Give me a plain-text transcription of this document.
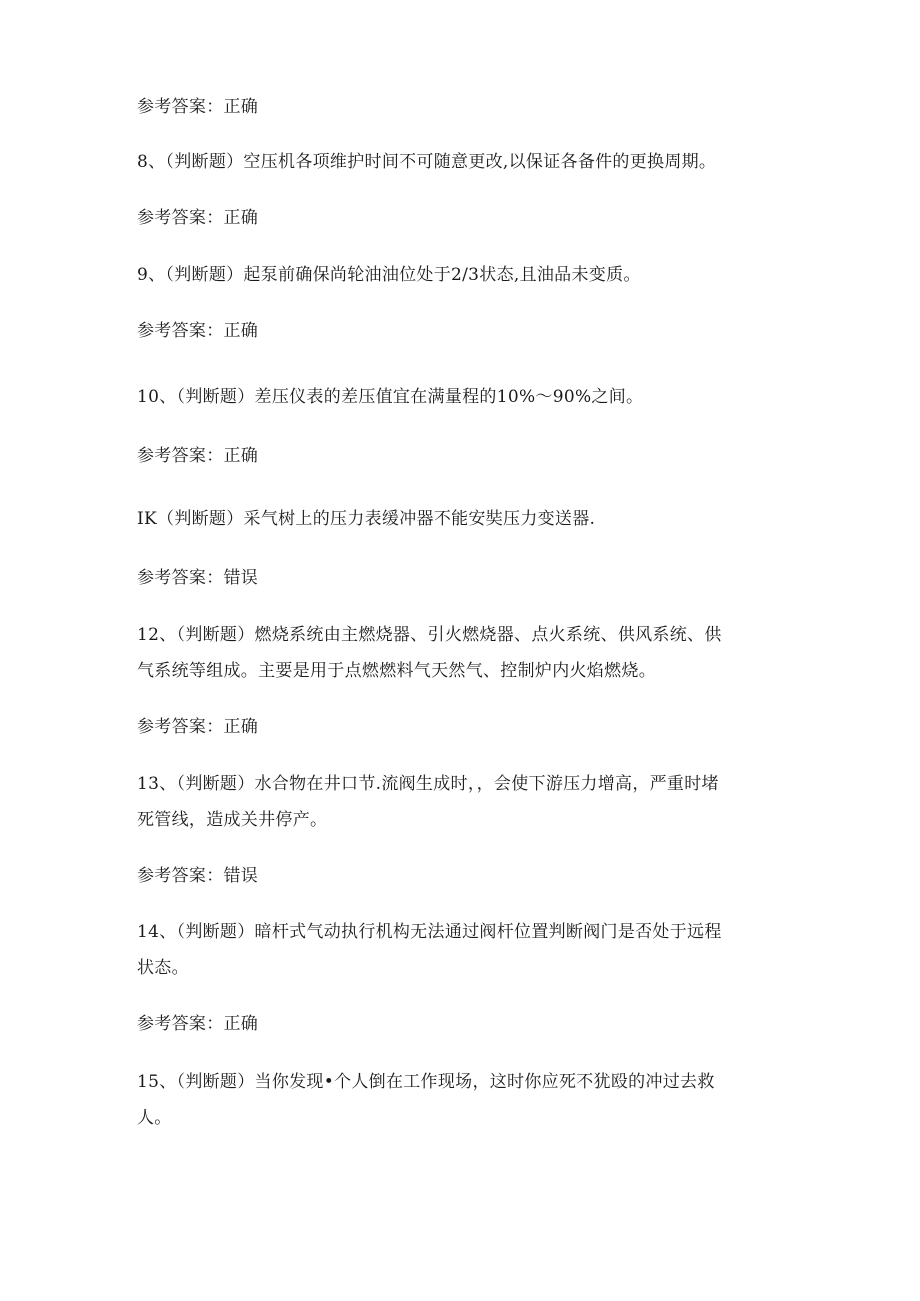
参考答案：正确
8、（判断题）空压机各项维护时间不可随意更改,以保证各备件的更换周期。
参考答案：正确
9、（判断题）起泵前确保尚轮油油位处于2/3状态,且油品未变质。
参考答案：正确
10、（判断题）差压仪表的差压值宜在满量程的10%～90%之间。
参考答案：正确
IK（判断题）采气树上的压力表缓冲器不能安奘压力变送器.
参考答案：错误
12、（判断题）燃烧系统由主燃烧器、引火燃烧器、点火系统、供风系统、供
气系统等组成。主要是用于点燃燃料气天然气、控制炉内火焰燃烧。
参考答案：正确
13、（判断题）水合物在井口节.流阀生成时，，会使下游压力增高，严重时堵
死管线，造成关井停产。
参考答案：错误
14、（判断题）暗杆式气动执行机构无法通过阀杆位置判断阀门是否处于远程
状态。
参考答案：正确
15、（判断题）当你发现•个人倒在工作现场，这时你应死不犹殴的冲过去救
人。
